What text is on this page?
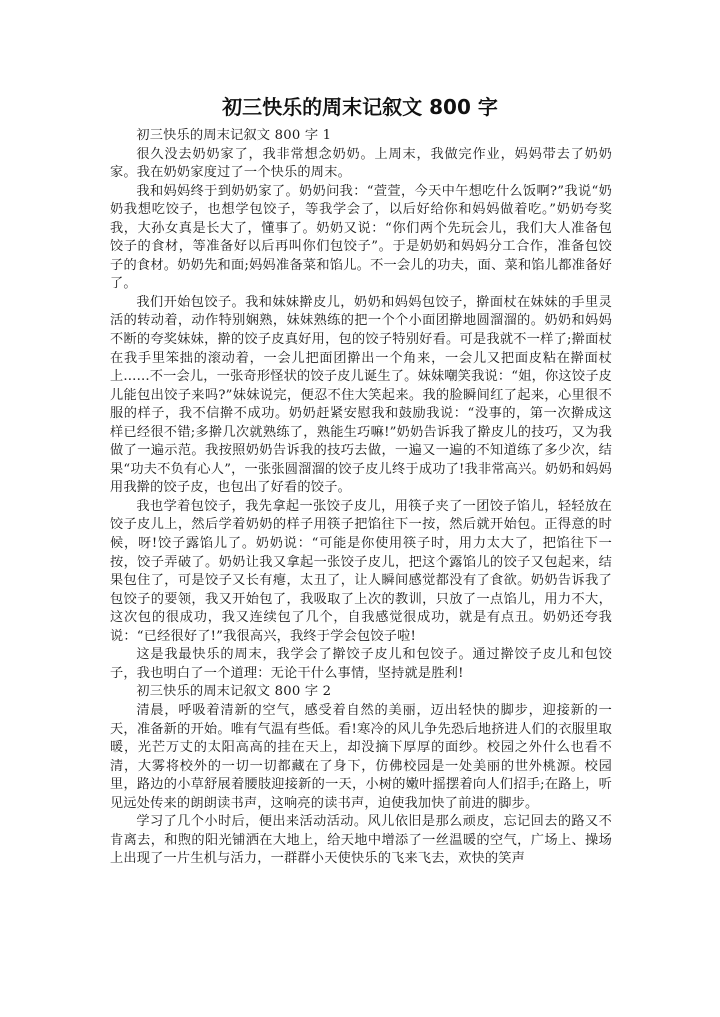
初三快乐的周末记叙文 800 字

初三快乐的周末记叙文 800 字 1

很久没去奶奶家了，我非常想念奶奶。上周末，我做完作业，妈妈带去了奶奶家。我在奶奶家度过了一个快乐的周末。

我和妈妈终于到奶奶家了。奶奶问我：“萱萱，今天中午想吃什么饭啊?”我说“奶奶我想吃饺子，也想学包饺子，等我学会了，以后好给你和妈妈做着吃。”奶奶夸奖我，大孙女真是长大了，懂事了。奶奶又说：“你们两个先玩会儿，我们大人准备包饺子的食材，等准备好以后再叫你们包饺子”。于是奶奶和妈妈分工合作，准备包饺子的食材。奶奶先和面;妈妈准备菜和馅儿。不一会儿的功夫，面、菜和馅儿都准备好了。

我们开始包饺子。我和妹妹擀皮儿，奶奶和妈妈包饺子，擀面杖在妹妹的手里灵活的转动着，动作特别娴熟，妹妹熟练的把一个个小面团擀地圆溜溜的。奶奶和妈妈不断的夸奖妹妹，擀的饺子皮真好用，包的饺子特别好看。可是我就不一样了;擀面杖在我手里笨拙的滚动着，一会儿把面团擀出一个角来，一会儿又把面皮粘在擀面杖上......不一会儿，一张奇形怪状的饺子皮儿诞生了。妹妹嘲笑我说：“姐，你这饺子皮儿能包出饺子来吗?”妹妹说完，便忍不住大笑起来。我的脸瞬间红了起来，心里很不服的样子，我不信擀不成功。奶奶赶紧安慰我和鼓励我说：“没事的，第一次擀成这样已经很不错;多擀几次就熟练了，熟能生巧嘛!”奶奶告诉我了擀皮儿的技巧，又为我做了一遍示范。我按照奶奶告诉我的技巧去做，一遍又一遍的不知道练了多少次，结果“功夫不负有心人”，一张张圆溜溜的饺子皮儿终于成功了!我非常高兴。奶奶和妈妈用我擀的饺子皮，也包出了好看的饺子。

我也学着包饺子，我先拿起一张饺子皮儿，用筷子夹了一团饺子馅儿，轻轻放在饺子皮儿上，然后学着奶奶的样子用筷子把馅往下一按，然后就开始包。正得意的时候，呀!饺子露馅儿了。奶奶说：“可能是你使用筷子时，用力太大了，把馅往下一按，饺子弄破了。奶奶让我又拿起一张饺子皮儿，把这个露馅儿的饺子又包起来，结果包住了，可是饺子又长有瘪，太丑了，让人瞬间感觉都没有了食欲。奶奶告诉我了包饺子的要领，我又开始包了，我吸取了上次的教训，只放了一点馅儿，用力不大，这次包的很成功，我又连续包了几个，自我感觉很成功，就是有点丑。奶奶还夸我说：“已经很好了!”我很高兴，我终于学会包饺子啦!

这是我最快乐的周末，我学会了擀饺子皮儿和包饺子。通过擀饺子皮儿和包饺子，我也明白了一个道理：无论干什么事情，坚持就是胜利!

初三快乐的周末记叙文 800 字 2

清晨，呼吸着清新的空气，感受着自然的美丽，迈出轻快的脚步，迎接新的一天，准备新的开始。唯有气温有些低。看!寒冷的风儿争先恐后地挤进人们的衣服里取暖，光芒万丈的太阳高高的挂在天上，却没摘下厚厚的面纱。校园之外什么也看不清，大雾将校外的一切一切都藏在了身下，仿佛校园是一处美丽的世外桃源。校园里，路边的小草舒展着腰肢迎接新的一天，小树的嫩叶摇摆着向人们招手;在路上，听见远处传来的朗朗读书声，这响亮的读书声，迫使我加快了前进的脚步。

学习了几个小时后，便出来活动活动。风儿依旧是那么顽皮，忘记回去的路又不肯离去，和煦的阳光铺洒在大地上，给天地中增添了一丝温暖的空气，广场上、操场上出现了一片生机与活力，一群群小天使快乐的飞来飞去，欢快的笑声
